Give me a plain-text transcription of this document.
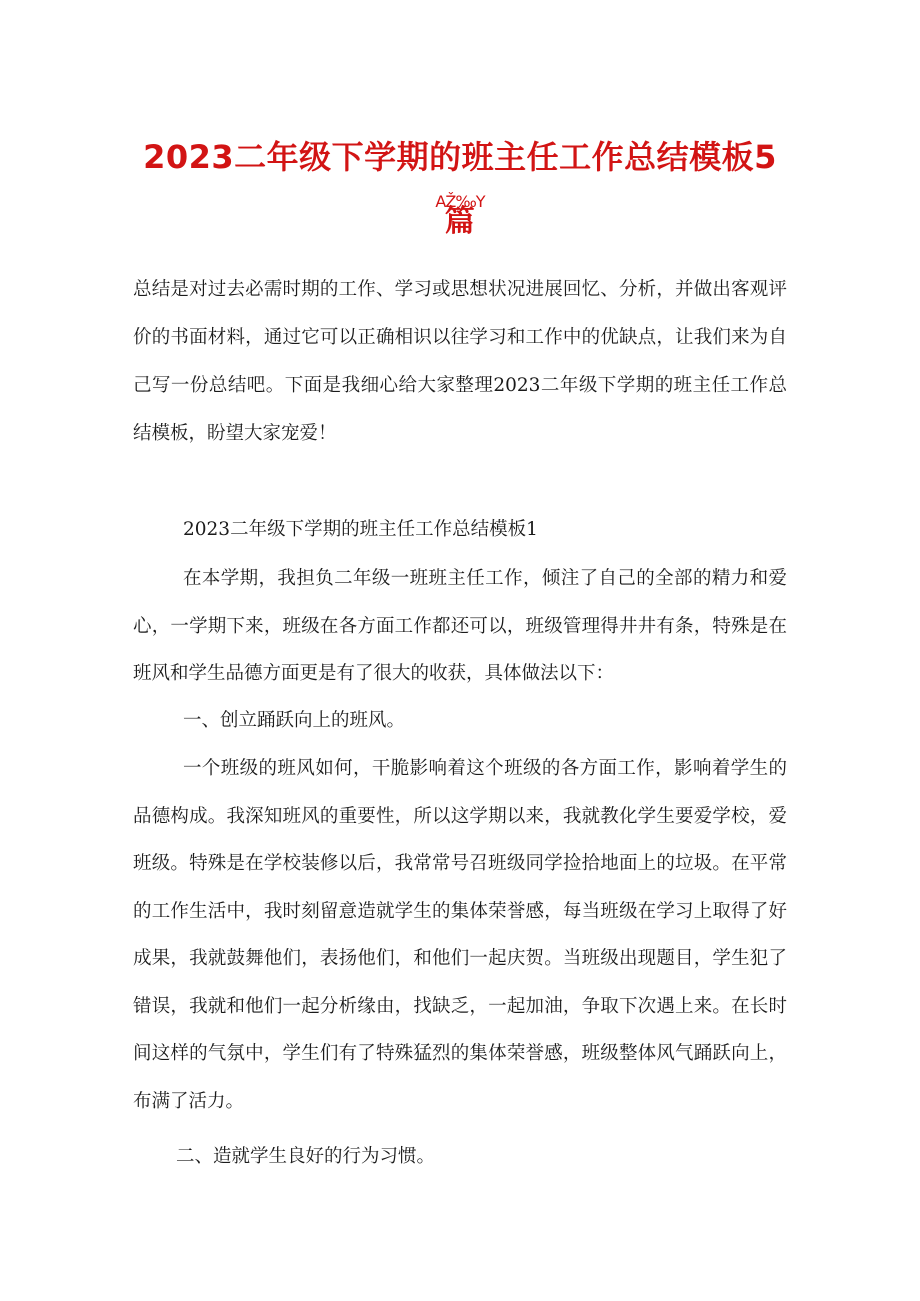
2023二年级下学期的班主任工作总结模板5
AŽ‰Y
篇

总结是对过去必需时期的工作、学习或思想状况进展回忆、分析，并做出客观评价的书面材料，通过它可以正确相识以往学习和工作中的优缺点，让我们来为自己写一份总结吧。下面是我细心给大家整理2023二年级下学期的班主任工作总结模板，盼望大家宠爱！

2023二年级下学期的班主任工作总结模板1

在本学期，我担负二年级一班班主任工作，倾注了自己的全部的精力和爱心，一学期下来，班级在各方面工作都还可以，班级管理得井井有条，特殊是在班风和学生品德方面更是有了很大的收获，具体做法以下：

一、创立踊跃向上的班风。

一个班级的班风如何，干脆影响着这个班级的各方面工作，影响着学生的品德构成。我深知班风的重要性，所以这学期以来，我就教化学生要爱学校，爱班级。特殊是在学校装修以后，我常常号召班级同学捡拾地面上的垃圾。在平常的工作生活中，我时刻留意造就学生的集体荣誉感，每当班级在学习上取得了好成果，我就鼓舞他们，表扬他们，和他们一起庆贺。当班级出现题目，学生犯了错误，我就和他们一起分析缘由，找缺乏，一起加油，争取下次遇上来。在长时间这样的气氛中，学生们有了特殊猛烈的集体荣誉感，班级整体风气踊跃向上，布满了活力。

二、造就学生良好的行为习惯。
